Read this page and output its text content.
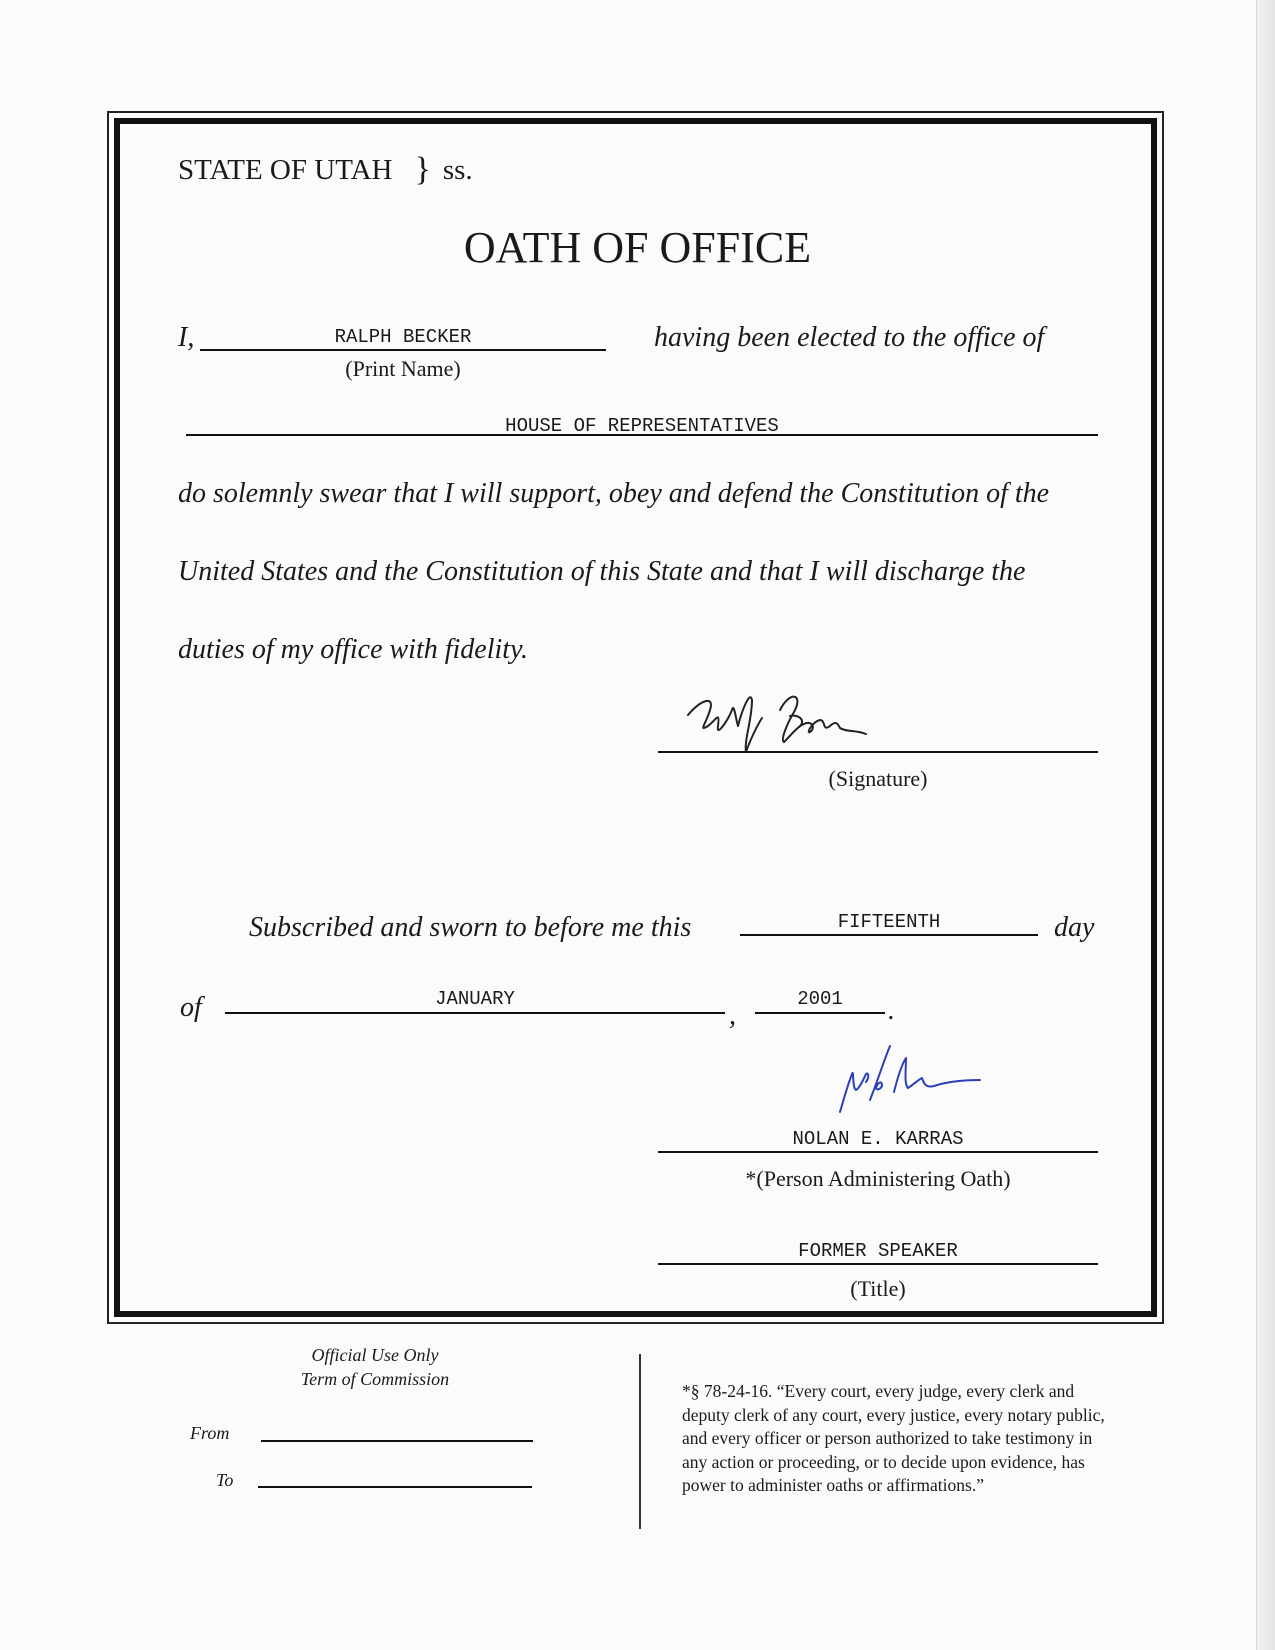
STATE OF UTAH } ss.
OATH OF OFFICE
I,	RALPH BECKER
(Print Name)
having been elected to the office of
HOUSE OF REPRESENTATIVES
do solemnly swear that I will support, obey and defend the Constitution of the
United States and the Constitution of this State and that I will discharge the
duties of my office with fidelity.
(Signature)
Subscribed and sworn to before me this	FIFTEENTH	day
of	JANUARY
,
2001	.
NOLAN E. KARRAS
*(Person Administering Oath)
FORMER SPEAKER
(Title)
Official Use Only
Term of Commission
From
To
*§ 78-24-16. “Every court, every judge, every clerk and
deputy clerk of any court, every justice, every notary public,
and every officer or person authorized to take testimony in
any action or proceeding, or to decide upon evidence, has
power to administer oaths or affirmations.”
